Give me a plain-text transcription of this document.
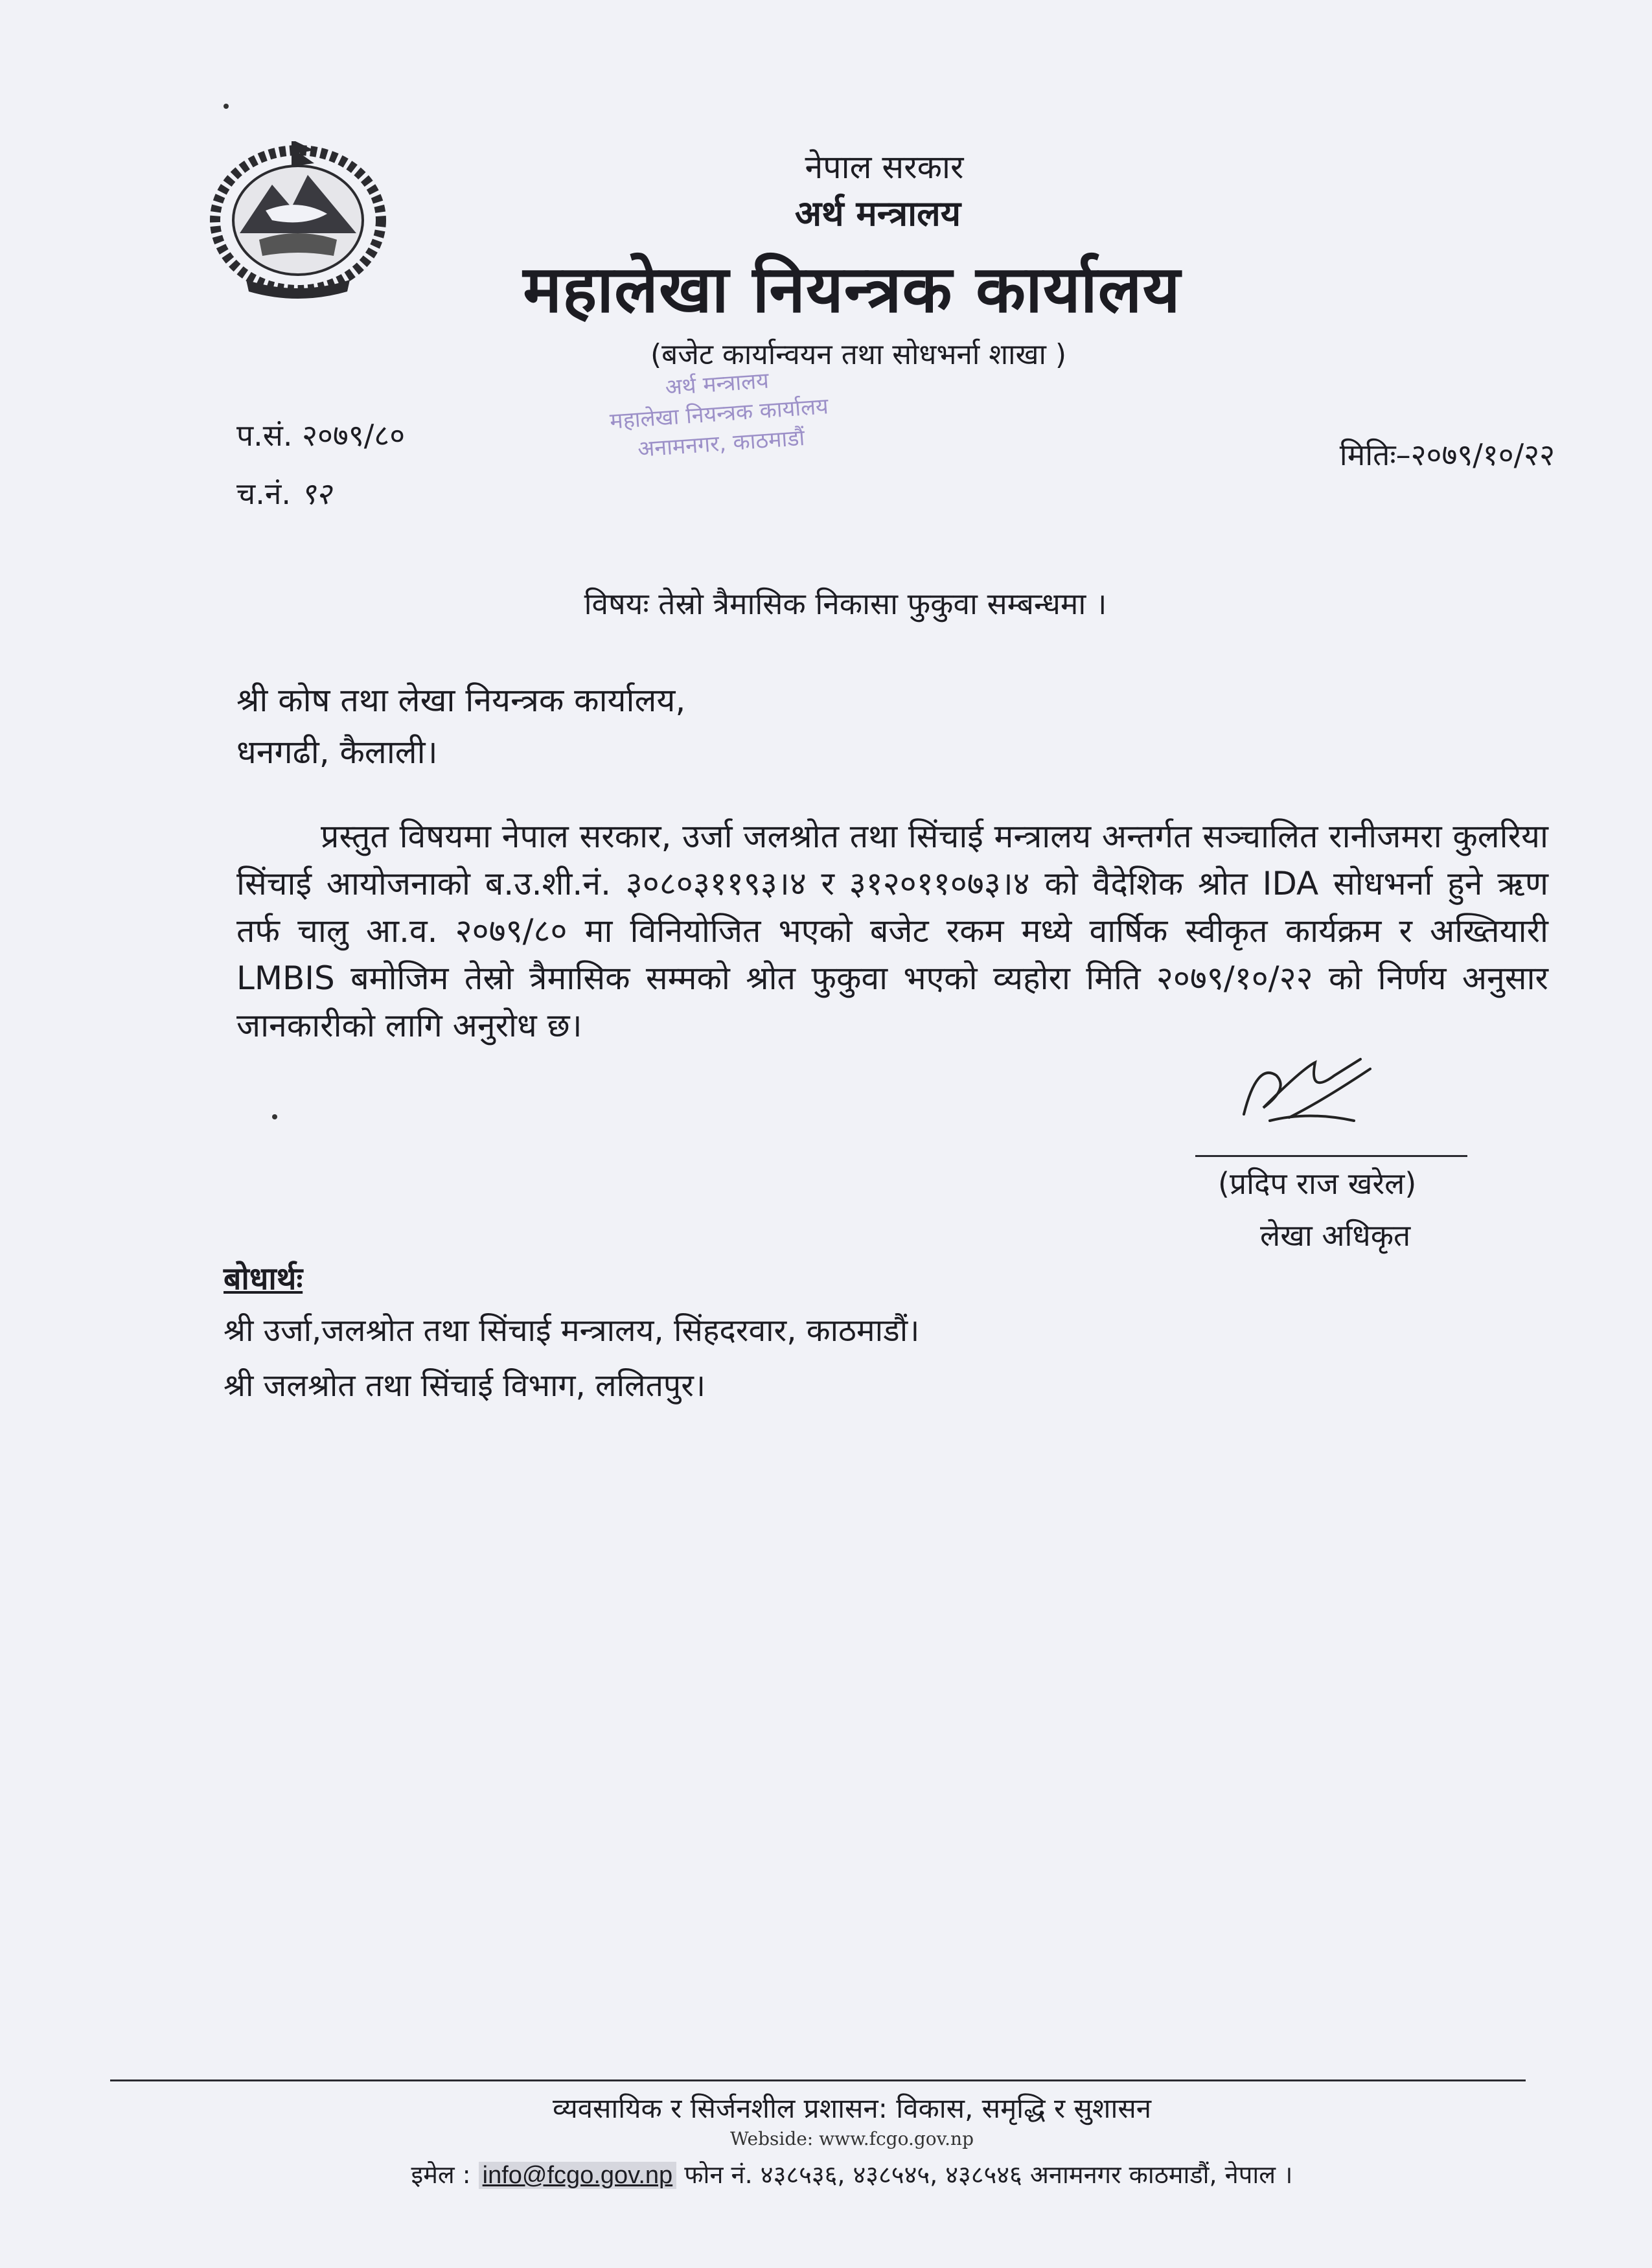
नेपाल सरकार
अर्थ मन्त्रालय
महालेखा नियन्त्रक कार्यालय
(बजेट कार्यान्वयन तथा सोधभर्ना शाखा )
अर्थ मन्त्रालय
महालेखा नियन्त्रक कार्यालय
अनामनगर, काठमाडौं
प.सं. २०७९/८०
च.नं. ९२
मितिः–२०७९/१०/२२
विषयः तेस्रो त्रैमासिक निकासा फुकुवा सम्बन्धमा ।
श्री कोष तथा लेखा नियन्त्रक कार्यालय,
धनगढी, कैलाली।
प्रस्तुत विषयमा नेपाल सरकार, उर्जा जलश्रोत तथा सिंचाई मन्त्रालय अन्तर्गत सञ्चालित रानीजमरा कुलरिया सिंचाई आयोजनाको ब.उ.शी.नं. ३०८०३११९३।४ र ३१२०११०७३।४ को वैदेशिक श्रोत IDA सोधभर्ना हुने ऋण तर्फ चालु आ.व. २०७९/८० मा विनियोजित भएको बजेट रकम मध्ये वार्षिक स्वीकृत कार्यक्रम र अख्तियारी LMBIS बमोजिम तेस्रो त्रैमासिक सम्मको श्रोत फुकुवा भएको व्यहोरा मिति २०७९/१०/२२ को निर्णय अनुसार जानकारीको लागि अनुरोध छ।
(प्रदिप राज खरेल)
लेखा अधिकृत
बोधार्थः
श्री उर्जा,जलश्रोत तथा सिंचाई मन्त्रालय, सिंहदरवार, काठमाडौं।
श्री जलश्रोत तथा सिंचाई विभाग, ललितपुर।
व्यवसायिक र सिर्जनशील प्रशासन: विकास, समृद्धि र सुशासन
Webside: www.fcgo.gov.np
इमेल : info@fcgo.gov.np फोन नं. ४३८५३६, ४३८५४५, ४३८५४६ अनामनगर काठमाडौं, नेपाल ।
